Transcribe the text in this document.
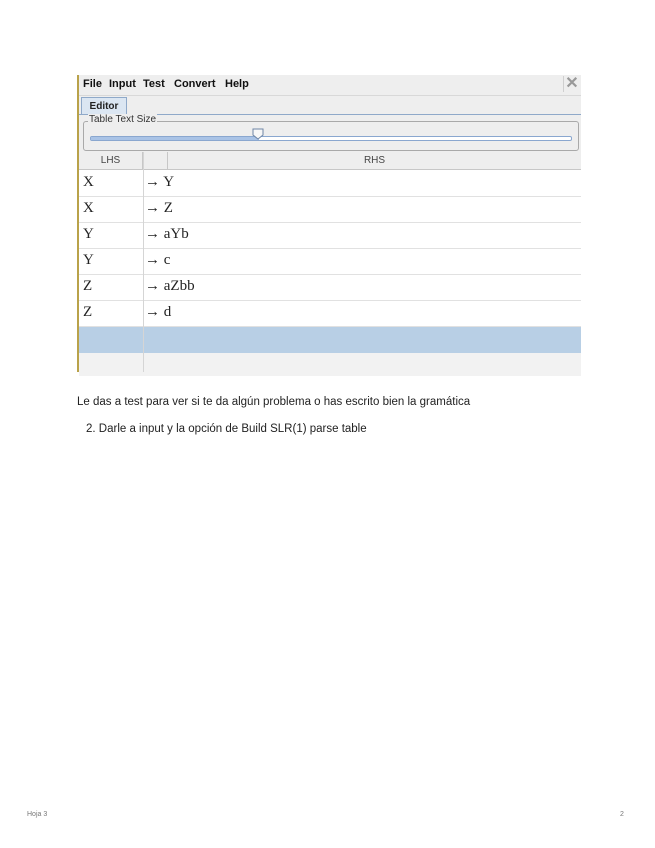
File Input Test Convert Help	✕
Editor
Table Text Size
LHS	RHS
X	→ Y
X	→ Z
Y	→ aYb
Y	→ c
Z	→ aZbb
Z	→ d
Le das a test para ver si te da algún problema o has escrito bien la gramática
2. Darle a input y la opción de Build SLR(1) parse table
Hoja 3	2
